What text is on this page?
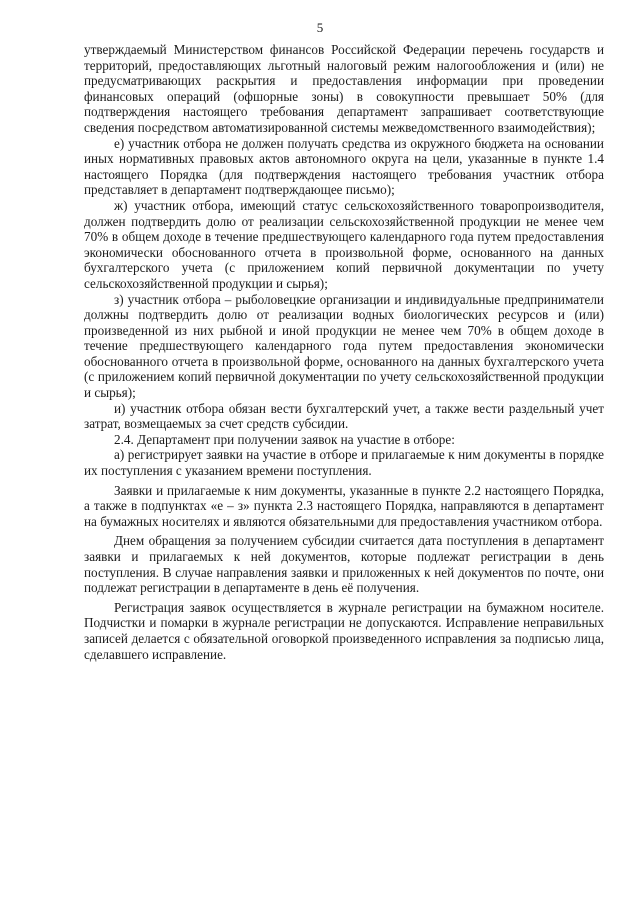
5

утверждаемый Министерством финансов Российской Федерации перечень государств и территорий, предоставляющих льготный налоговый режим налогообложения и (или) не предусматривающих раскрытия и предоставления информации при проведении финансовых операций (офшорные зоны) в совокупности превышает 50% (для подтверждения настоящего требования департамент запрашивает соответствующие сведения посредством автоматизированной системы межведомственного взаимодействия);

е) участник отбора не должен получать средства из окружного бюджета на основании иных нормативных правовых актов автономного округа на цели, указанные в пункте 1.4 настоящего Порядка (для подтверждения настоящего требования участник отбора представляет в департамент подтверждающее письмо);

ж) участник отбора, имеющий статус сельскохозяйственного товаропроизводителя, должен подтвердить долю от реализации сельскохозяйственной продукции не менее чем 70% в общем доходе в течение предшествующего календарного года путем предоставления экономически обоснованного отчета в произвольной форме, основанного на данных бухгалтерского учета (с приложением копий первичной документации по учету сельскохозяйственной продукции и сырья);

з) участник отбора – рыболовецкие организации и индивидуальные предприниматели должны подтвердить долю от реализации водных биологических ресурсов и (или) произведенной из них рыбной и иной продукции не менее чем 70% в общем доходе в течение предшествующего календарного года путем предоставления экономически обоснованного отчета в произвольной форме, основанного на данных бухгалтерского учета (с приложением копий первичной документации по учету сельскохозяйственной продукции и сырья);

и) участник отбора обязан вести бухгалтерский учет, а также вести раздельный учет затрат, возмещаемых за счет средств субсидии.

2.4. Департамент при получении заявок на участие в отборе:

а) регистрирует заявки на участие в отборе и прилагаемые к ним документы в порядке их поступления с указанием времени поступления.

Заявки и прилагаемые к ним документы, указанные в пункте 2.2 настоящего Порядка, а также в подпунктах «е – з» пункта 2.3 настоящего Порядка, направляются в департамент на бумажных носителях и являются обязательными для предоставления участником отбора.

Днем обращения за получением субсидии считается дата поступления в департамент заявки и прилагаемых к ней документов, которые подлежат регистрации в день поступления. В случае направления заявки и приложенных к ней документов по почте, они подлежат регистрации в департаменте в день её получения.

Регистрация заявок осуществляется в журнале регистрации на бумажном носителе. Подчистки и помарки в журнале регистрации не допускаются. Исправление неправильных записей делается с обязательной оговоркой произведенного исправления за подписью лица, сделавшего исправление.
